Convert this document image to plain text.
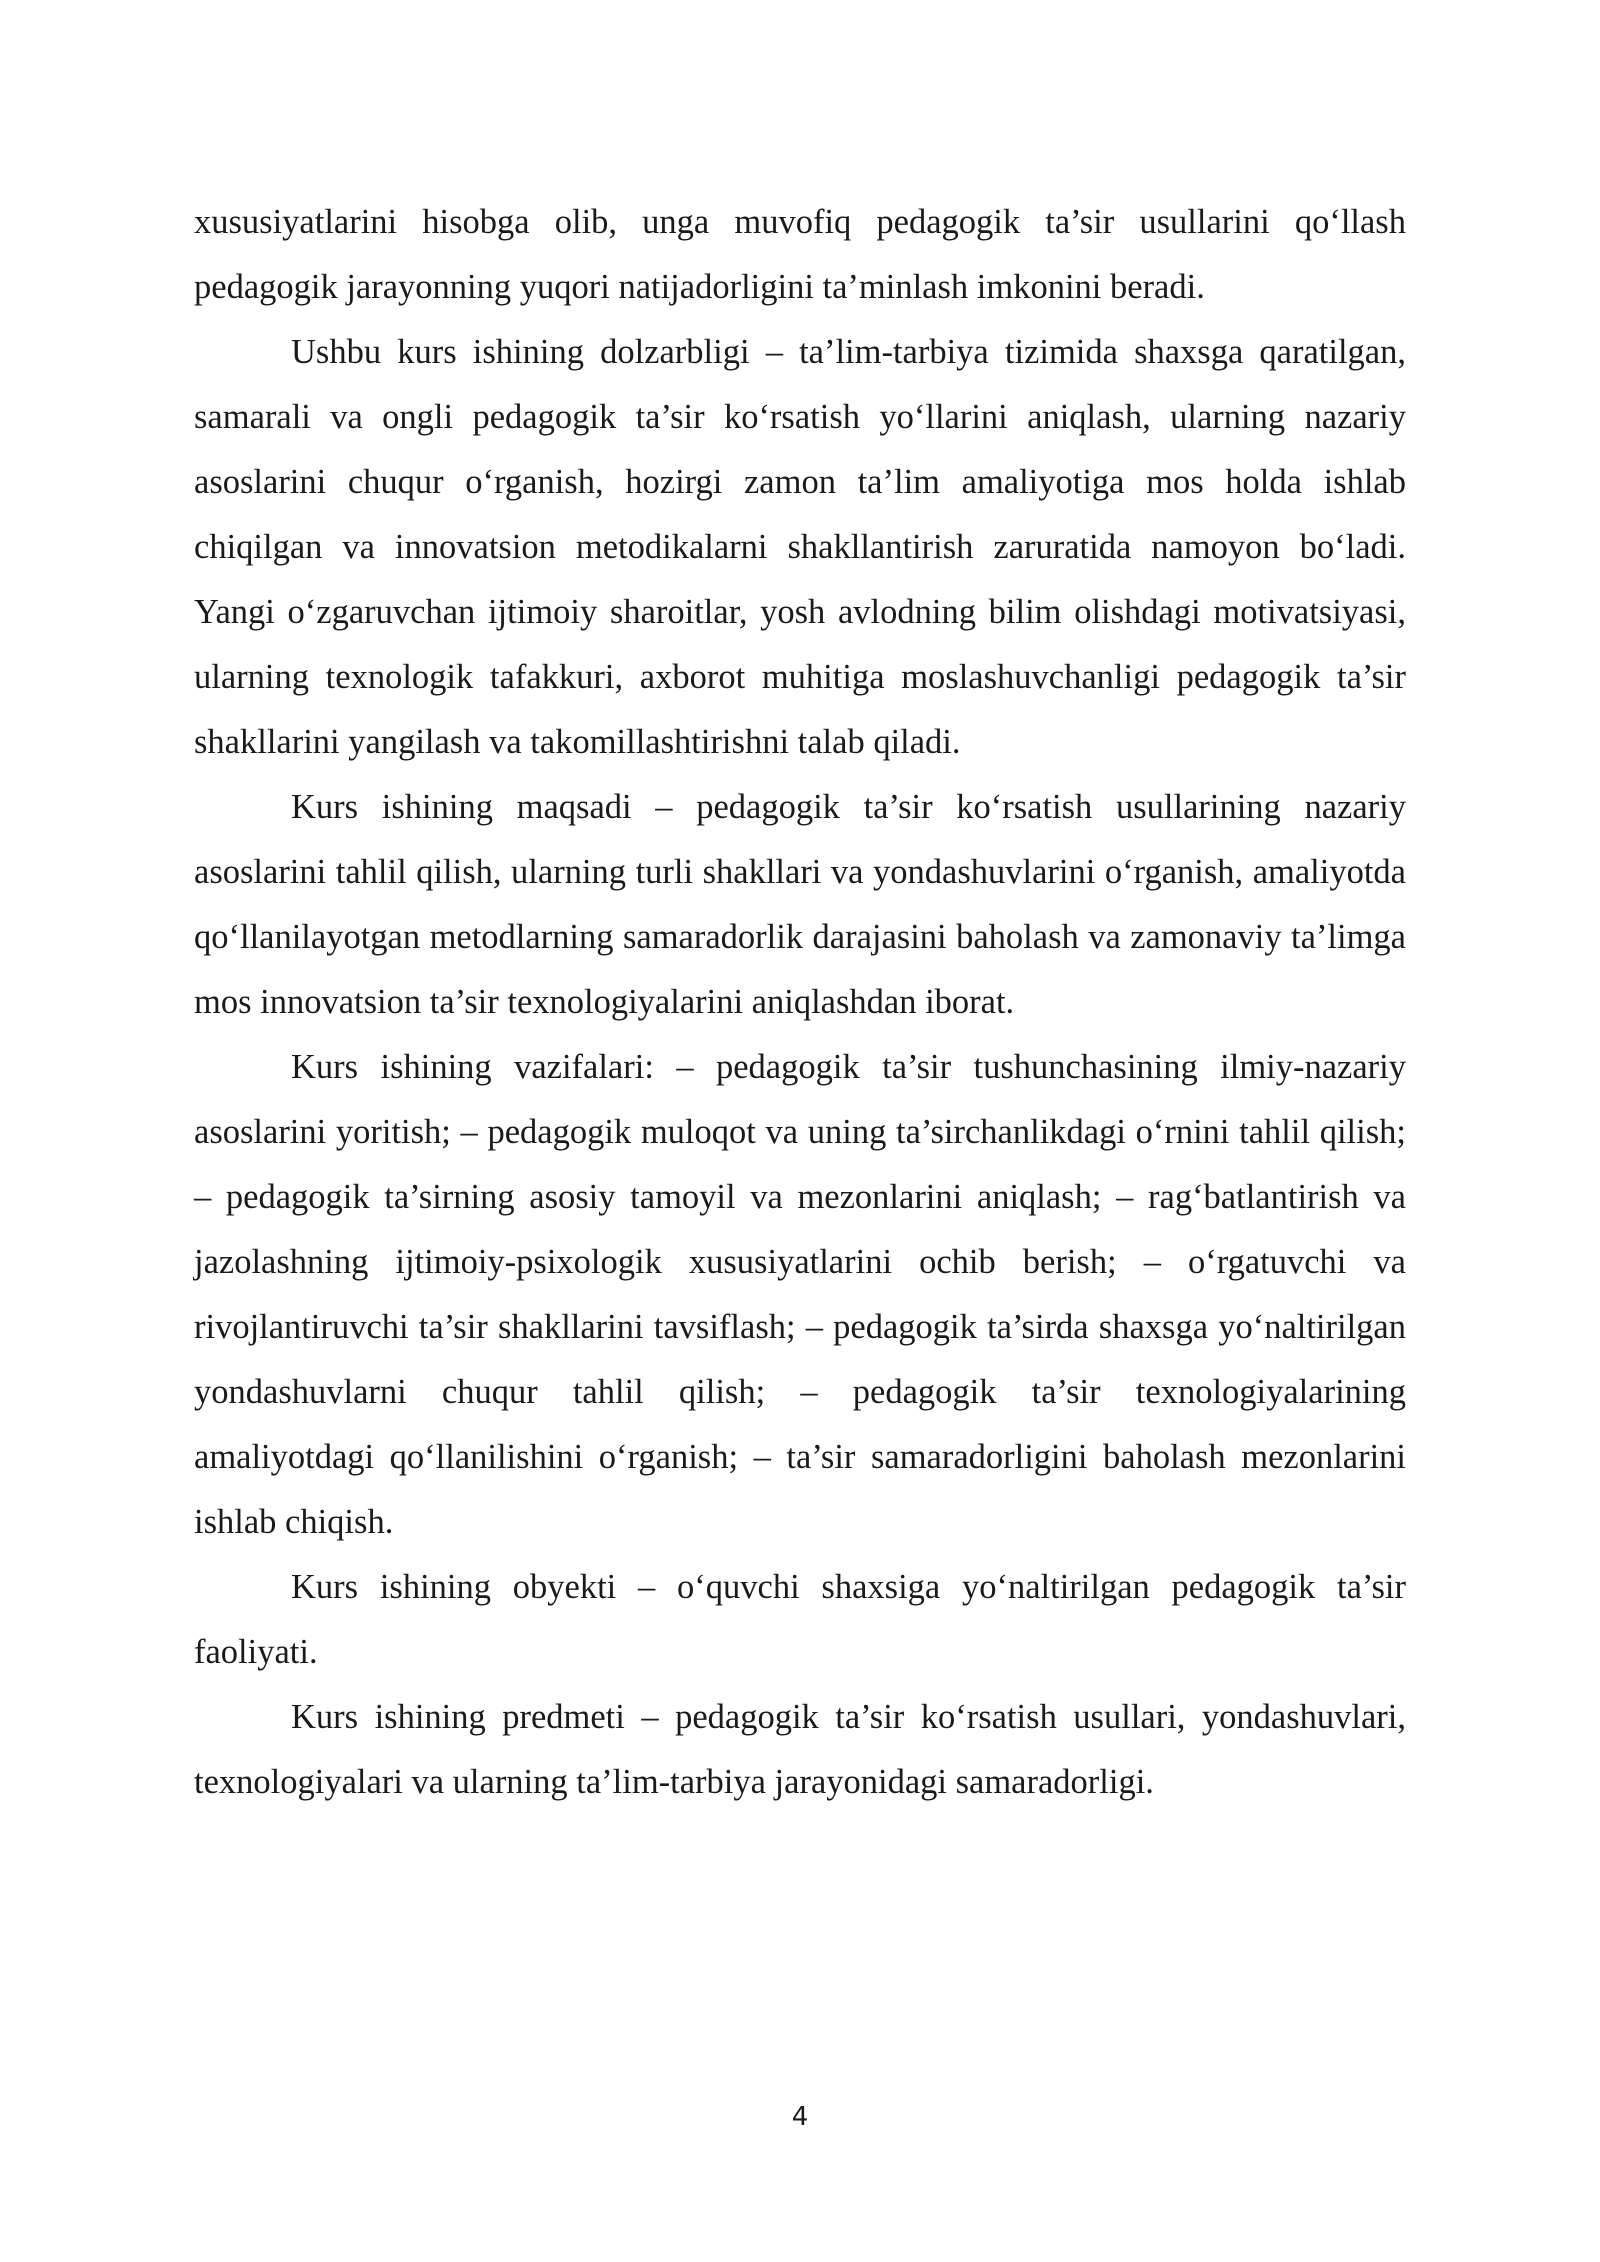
xususiyatlarini hisobga olib, unga muvofiq pedagogik ta’sir usullarini qo‘llash pedagogik jarayonning yuqori natijadorligini ta’minlash imkonini beradi.

Ushbu kurs ishining dolzarbligi – ta’lim-tarbiya tizimida shaxsga qaratilgan, samarali va ongli pedagogik ta’sir ko‘rsatish yo‘llarini aniqlash, ularning nazariy asoslarini chuqur o‘rganish, hozirgi zamon ta’lim amaliyotiga mos holda ishlab chiqilgan va innovatsion metodikalarni shakllantirish zaruratida namoyon bo‘ladi. Yangi o‘zgaruvchan ijtimoiy sharoitlar, yosh avlodning bilim olishdagi motivatsiyasi, ularning texnologik tafakkuri, axborot muhitiga moslashuvchanligi pedagogik ta’sir shakllarini yangilash va takomillashtirishni talab qiladi.

Kurs ishining maqsadi – pedagogik ta’sir ko‘rsatish usullarining nazariy asoslarini tahlil qilish, ularning turli shakllari va yondashuvlarini o‘rganish, amaliyotda qo‘llanilayotgan metodlarning samaradorlik darajasini baholash va zamonaviy ta’limga mos innovatsion ta’sir texnologiyalarini aniqlashdan iborat.

Kurs ishining vazifalari: – pedagogik ta’sir tushunchasining ilmiy-nazariy asoslarini yoritish; – pedagogik muloqot va uning ta’sirchanlikdagi o‘rnini tahlil qilish; – pedagogik ta’sirning asosiy tamoyil va mezonlarini aniqlash; – rag‘batlantirish va jazolashning ijtimoiy-psixologik xususiyatlarini ochib berish; – o‘rgatuvchi va rivojlantiruvchi ta’sir shakllarini tavsiflash; – pedagogik ta’sirda shaxsga yo‘naltirilgan yondashuvlarni chuqur tahlil qilish; – pedagogik ta’sir texnologiyalarining amaliyotdagi qo‘llanilishini o‘rganish; – ta’sir samaradorligini baholash mezonlarini ishlab chiqish.

Kurs ishining obyekti – o‘quvchi shaxsiga yo‘naltirilgan pedagogik ta’sir faoliyati.

Kurs ishining predmeti – pedagogik ta’sir ko‘rsatish usullari, yondashuvlari, texnologiyalari va ularning ta’lim-tarbiya jarayonidagi samaradorligi.

4
